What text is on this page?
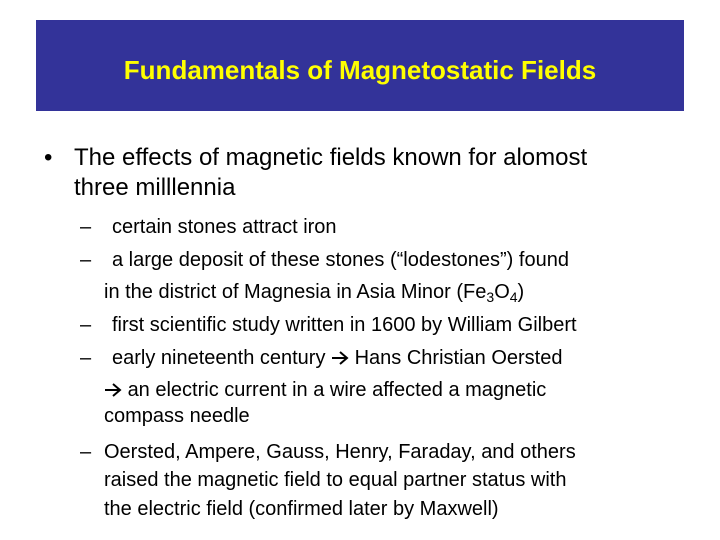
Fundamentals of Magnetostatic Fields
• The effects of magnetic fields known for alomost
three milllennia
– certain stones attract iron
– a large deposit of these stones (“lodestones”) found
in the district of Magnesia in Asia Minor $(Fe_3O_4)$
– first scientific study written in 1600 by William Gilbert
– early nineteenth century Hans Christian Oersted
an electric current in a wire affected a magnetic
compass needle
– Oersted, Ampere, Gauss, Henry, Faraday, and others
raised the magnetic field to equal partner status with
the electric field (confirmed later by Maxwell)
